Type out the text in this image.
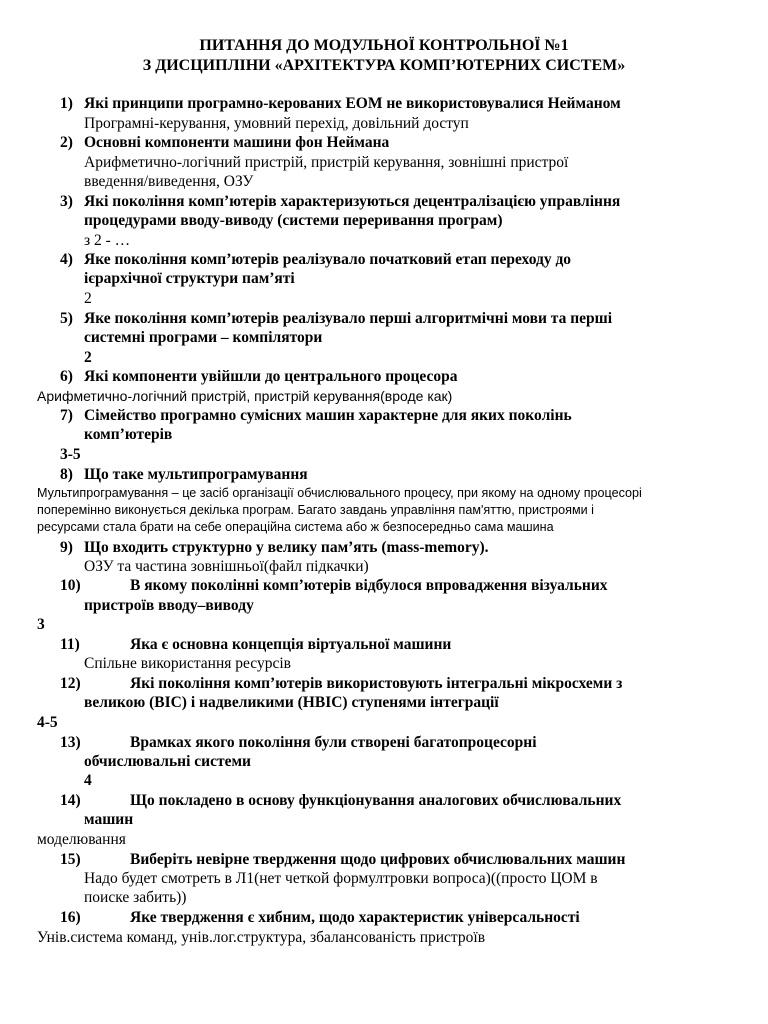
ПИТАННЯ ДО МОДУЛЬНОЇ КОНТРОЛЬНОЇ №1
З ДИСЦИПЛІНИ «АРХІТЕКТУРА КОМП’ЮТЕРНИХ СИСТЕМ»
1) Які принципи програмно-керованих ЕОМ не використовувалися Нейманом
Програмні-керування, умовний перехід, довільний доступ
2) Основні компоненти машини фон Неймана
Арифметично-логічний пристрій, пристрій керування, зовнішні пристрої
введення/виведення, ОЗУ
3) Які покоління комп’ютерів характеризуються децентралізацією управління
процедурами вводу-виводу (системи переривання програм)
з 2 - …
4) Яке покоління комп’ютерів реалізувало початковий етап переходу до
ієрархічної структури пам’яті
2
5) Яке покоління комп’ютерів реалізувало перші алгоритмічні мови та перші
системні програми – компілятори
2
6) Які компоненти увійшли до центрального процесора
Арифметично-логічний пристрій, пристрій керування(вроде как)
7) Сімейство програмно сумісних машин характерне для яких поколінь
комп’ютерів
3-5
8) Що таке мультипрограмування
Мультипрограмування – це засіб організації обчислювального процесу, при якому на одному процесорі
поперемінно виконується декілька програм. Багато завдань управління пам'яттю, пристроями і
ресурсами стала брати на себе операційна система або ж безпосередньо сама машина
9) Що входить структурно у велику пам’ять (mass-memory).
ОЗУ та частина зовнішньої(файл підкачки)
10)	В якому поколінні комп’ютерів відбулося впровадження візуальних
пристроїв вводу–виводу
3
11)	Яка є основна концепція віртуальної машини
Спільне використання ресурсів
12)	Які покоління комп’ютерів використовують інтегральні мікросхеми з
великою (ВІС) і надвеликими (НВІС) ступенями інтеграції
4-5
13)	Врамках якого покоління були створені багатопроцесорні
обчислювальні системи
4
14)	Що покладено в основу функціонування аналогових обчислювальних
машин
моделювання
15)	Виберіть невірне твердження щодо цифрових обчислювальних машин
Надо будет смотреть в Л1(нет четкой формултровки вопроса)((просто ЦОМ в
поиске забить))
16)	Яке твердження є хибним, щодо характеристик універсальності
Унів.система команд, унів.лог.структура, збалансованість пристроїв
